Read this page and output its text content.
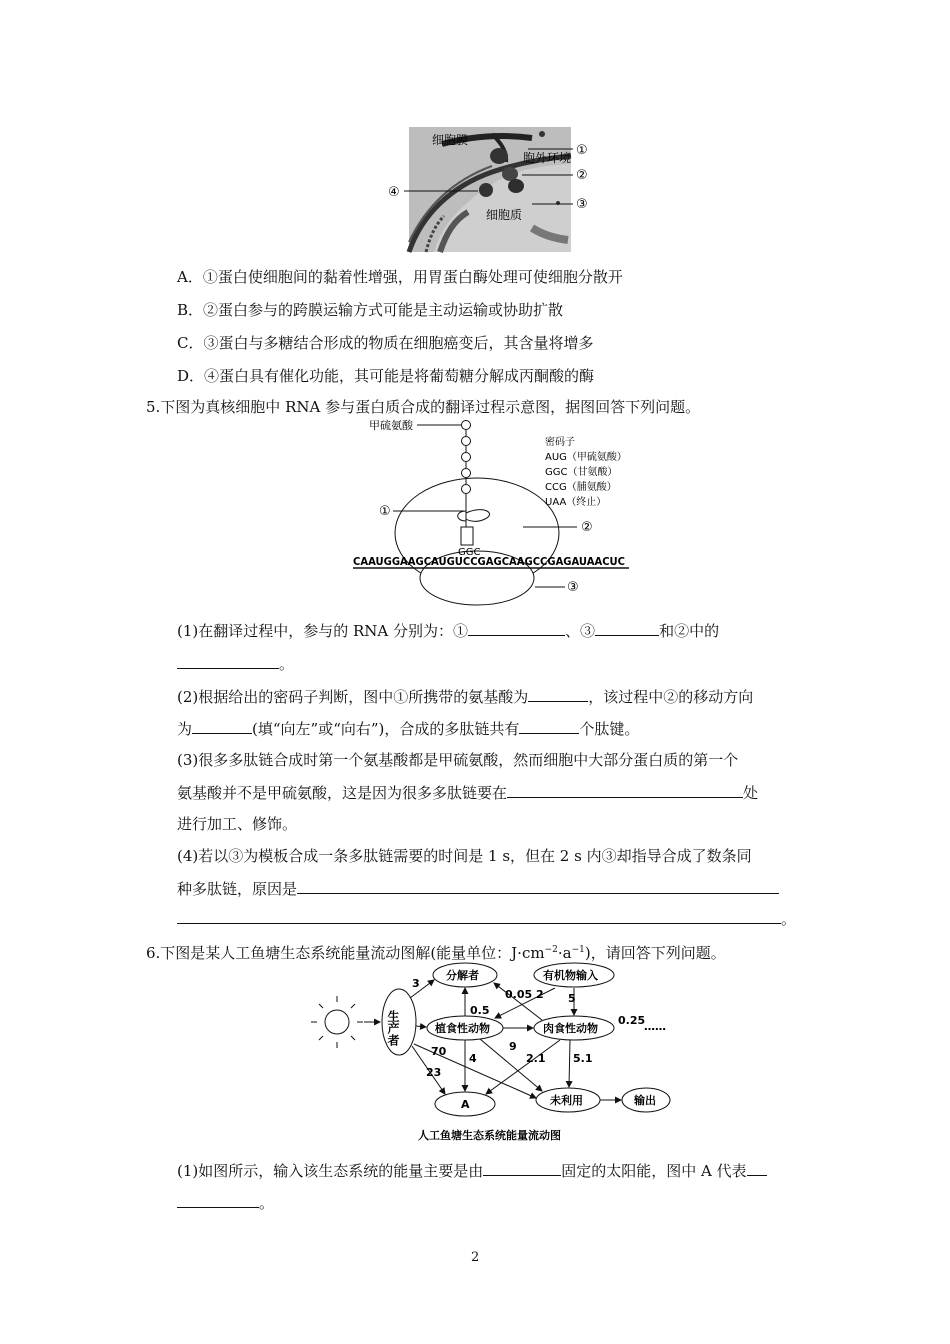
细胞膜
胞外环境
细胞质
①
②
③
④
A．①蛋白使细胞间的黏着性增强，用胃蛋白酶处理可使细胞分散开
B．②蛋白参与的跨膜运输方式可能是主动运输或协助扩散
C．③蛋白与多糖结合形成的物质在细胞癌变后，其含量将增多
D．④蛋白具有催化功能，其可能是将葡萄糖分解成丙酮酸的酶
5.下图为真核细胞中 RNA 参与蛋白质合成的翻译过程示意图，据图回答下列问题。
甲硫氨酸
密码子
AUG（甲硫氨酸）
GGC（甘氨酸）
CCG（脯氨酸）
UAA（终止）
①
②
③
GGC
CAAUGGAAGCAUGUCCGAGCAAGCCGAGAUAACUC
(1)在翻译过程中，参与的 RNA 分别为：①	、③	和②中的
。
(2)根据给出的密码子判断，图中①所携带的氨基酸为	，该过程中②的移动方向
为	(填“向左”或“向右”)，合成的多肽链共有	个肽键。
(3)很多多肽链合成时第一个氨基酸都是甲硫氨酸，然而细胞中大部分蛋白质的第一个
氨基酸并不是甲硫氨酸，这是因为很多多肽链要在	处
进行加工、修饰。
(4)若以③为模板合成一条多肽链需要的时间是 1 s，但在 2 s 内③却指导合成了数条同
种多肽链，原因是
。
6.下图是某人工鱼塘生态系统能量流动图解(能量单位：$J\cdot cm^{-2}\cdot a^{-1}$)，请回答下列问题。
生产者
分解者	有机物输入
植食性动物	肉食性动物
A	未利用	输出
3
0.05 2 5
0.5
0.25
……
70
4
9
2.1	5.1
23
人工鱼塘生态系统能量流动图
(1)如图所示，输入该生态系统的能量主要是由	固定的太阳能，图中 A 代表
。
2
